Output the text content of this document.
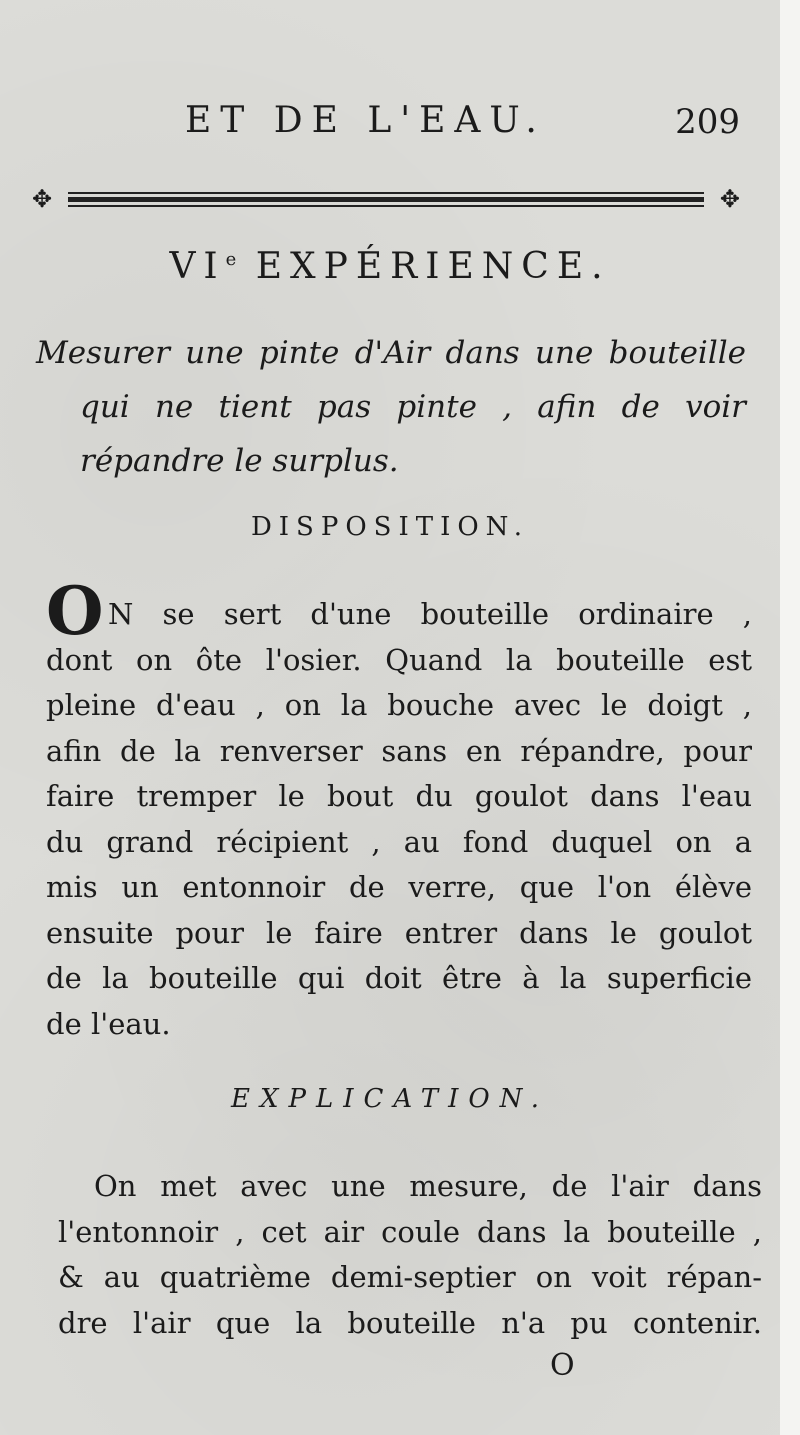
ET DE L'EAU.	209
✥	✥
VIe EXPÉRIENCE.
Mesurer une pinte d'Air dans une bouteille
qui ne tient pas pinte , afin de voir
répandre le surplus.
DISPOSITION.
O N se sert d'une bouteille ordinaire ,
dont on ôte l'osier. Quand la bouteille est
pleine d'eau , on la bouche avec le doigt ,
afin de la renverser sans en répandre, pour
faire tremper le bout du goulot dans l'eau
du grand récipient , au fond duquel on a
mis un entonnoir de verre, que l'on élève
ensuite pour le faire entrer dans le goulot
de la bouteille qui doit être à la superficie
de l'eau.
EXPLICATION.
On met avec une mesure, de l'air dans
l'entonnoir , cet air coule dans la bouteille ,
& au quatrième demi-septier on voit répan-
dre l'air que la bouteille n'a pu contenir.
O
